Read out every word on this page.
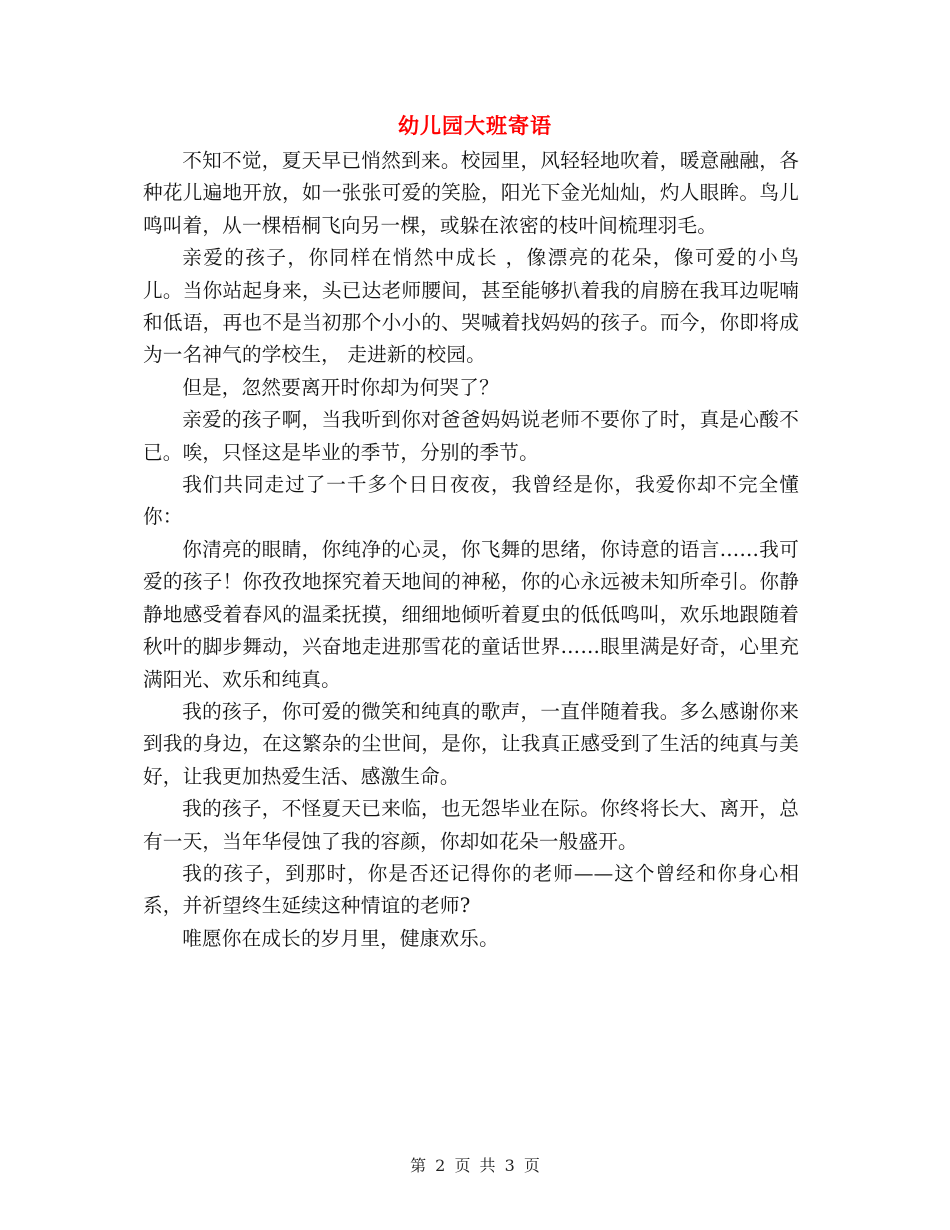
幼儿园大班寄语

不知不觉，夏天早已悄然到来。校园里，风轻轻地吹着，暖意融融，各种花儿遍地开放，如一张张可爱的笑脸，阳光下金光灿灿，灼人眼眸。鸟儿鸣叫着，从一棵梧桐飞向另一棵，或躲在浓密的枝叶间梳理羽毛。

亲爱的孩子，你同样在悄然中成长 ，像漂亮的花朵，像可爱的小鸟儿。当你站起身来，头已达老师腰间，甚至能够扒着我的肩膀在我耳边呢喃和低语，再也不是当初那个小小的、哭喊着找妈妈的孩子。而今，你即将成为一名神气的学校生， 走进新的校园。

但是，忽然要离开时你却为何哭了？

亲爱的孩子啊，当我听到你对爸爸妈妈说老师不要你了时，真是心酸不已。唉，只怪这是毕业的季节，分别的季节。

我们共同走过了一千多个日日夜夜，我曾经是你，我爱你却不完全懂你：

你清亮的眼睛，你纯净的心灵，你飞舞的思绪，你诗意的语言……我可爱的孩子！你孜孜地探究着天地间的神秘，你的心永远被未知所牵引。你静静地感受着春风的温柔抚摸，细细地倾听着夏虫的低低鸣叫，欢乐地跟随着秋叶的脚步舞动，兴奋地走进那雪花的童话世界……眼里满是好奇，心里充满阳光、欢乐和纯真。

我的孩子，你可爱的微笑和纯真的歌声，一直伴随着我。多么感谢你来到我的身边，在这繁杂的尘世间，是你，让我真正感受到了生活的纯真与美好，让我更加热爱生活、感激生命。

我的孩子，不怪夏天已来临，也无怨毕业在际。你终将长大、离开，总有一天，当年华侵蚀了我的容颜，你却如花朵一般盛开。

我的孩子，到那时，你是否还记得你的老师——这个曾经和你身心相系，并祈望终生延续这种情谊的老师?

唯愿你在成长的岁月里，健康欢乐。

第 2 页 共 3 页
